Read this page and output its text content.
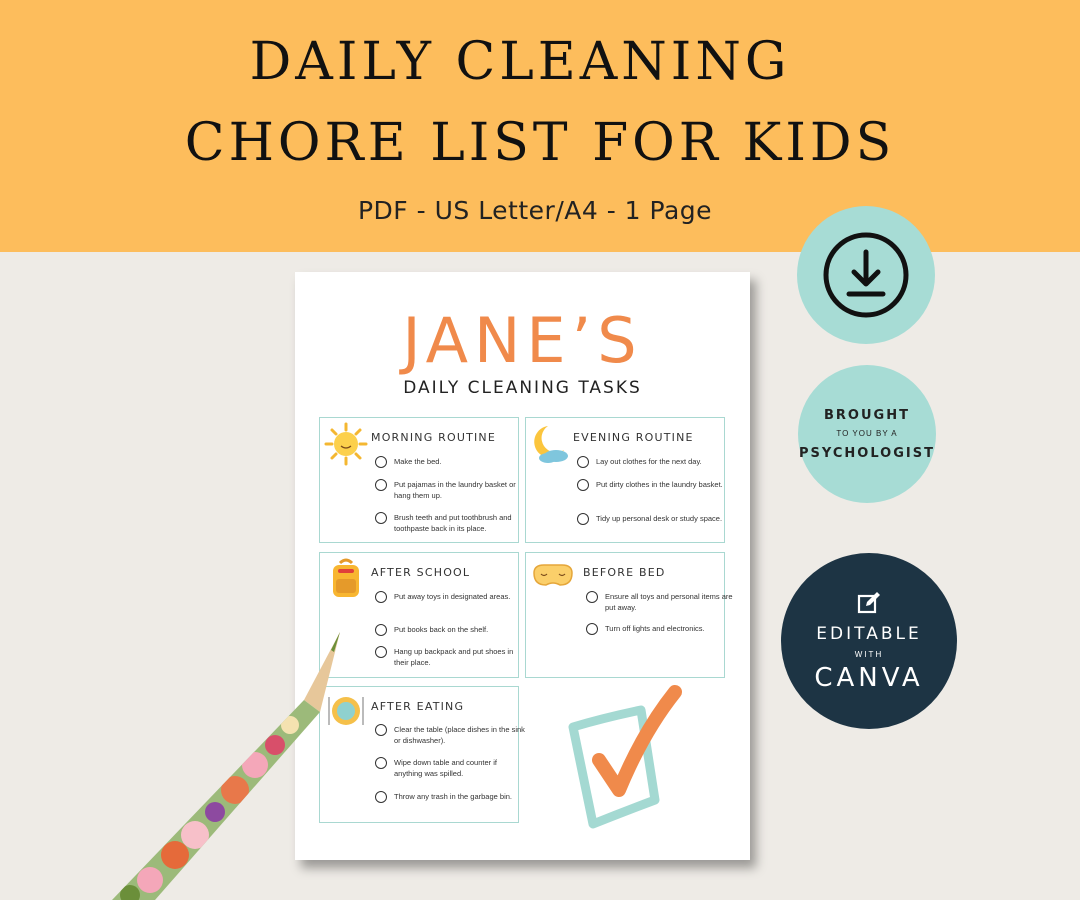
DAILY CLEANING
CHORE LIST FOR KIDS
PDF - US Letter/A4 - 1 Page
BROUGHT
TO YOU BY A
PSYCHOLOGIST
EDITABLE
WITH
CANVA
JANE’S
DAILY CLEANING TASKS
MORNING ROUTINE
Make the bed.
Put pajamas in the laundry basket or hang them up.
Brush teeth and put toothbrush and toothpaste back in its place.
EVENING ROUTINE
Lay out clothes for the next day.
Put dirty clothes in the laundry basket.
Tidy up personal desk or study space.
AFTER SCHOOL
Put away toys in designated areas.
Put books back on the shelf.
Hang up backpack and put shoes in their place.
BEFORE BED
Ensure all toys and personal items are put away.
Turn off lights and electronics.
AFTER EATING
Clear the table (place dishes in the sink or dishwasher).
Wipe down table and counter if anything was spilled.
Throw any trash in the garbage bin.
